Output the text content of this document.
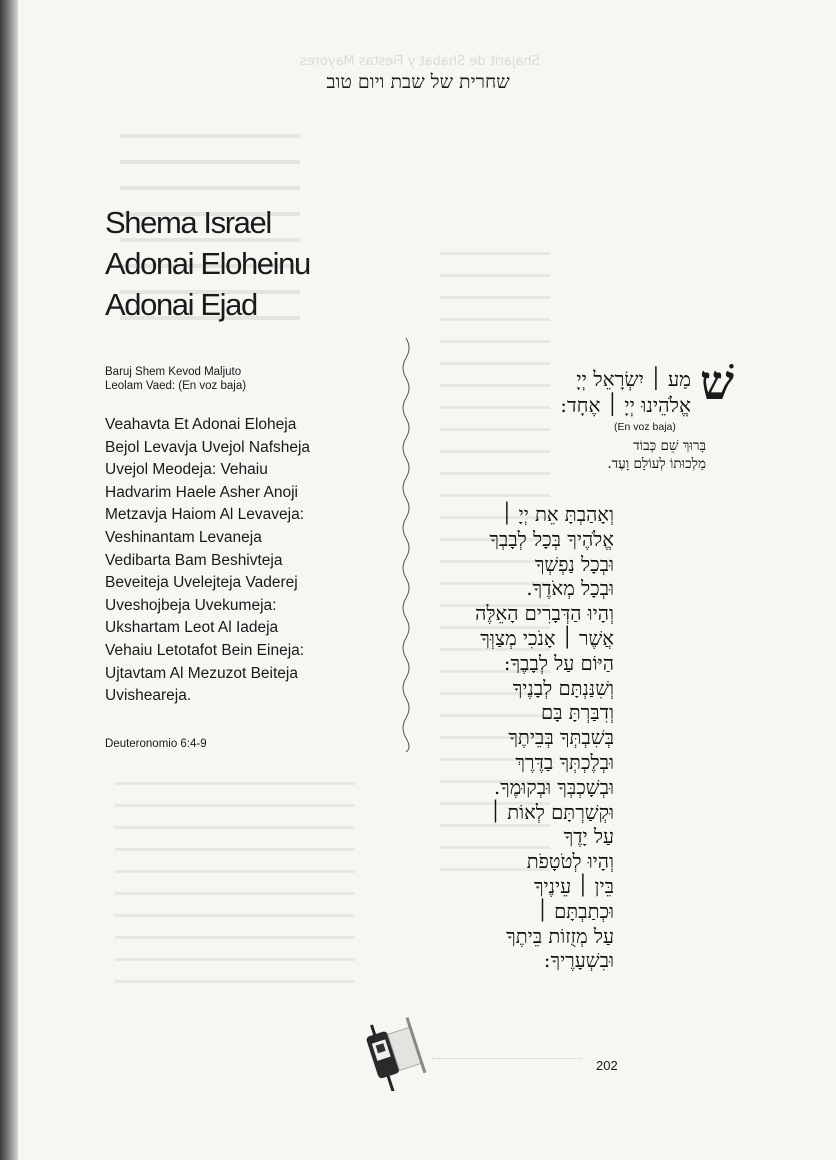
Shajarit de Shabat y Fiestas Mayores
שחרית של שבת ויום טוב
Shema Israel
Adonai Eloheinu
Adonai Ejad
Baruj Shem Kevod Maljuto
Leolam Vaed: (En voz baja)
Veahavta Et Adonai Eloheja
Bejol Levavja Uvejol Nafsheja
Uvejol Meodeja: Vehaiu
Hadvarim Haele Asher Anoji
Metzavja Haiom Al Levaveja:
Veshinantam Levaneja
Vedibarta Bam Beshivteja
Beveiteja Uvelejteja Vaderej
Uveshojbeja Uvekumeja:
Ukshartam Leot Al Iadeja
Vehaiu Letotafot Bein Eineja:
Ujtavtam Al Mezuzot Beiteja
Uvisheareja.
Deuteronomio 6:4-9
שׁ
מַע ׀ יִשְׂרָאֵל יְיָ
אֱלֹהֵינוּ יְיָ ׀ אֶחָד:
(En voz baja)
בָּרוּךְ שֵׁם כְּבוֹד
מַלְכוּתוֹ לְעוֹלָם וָעֶד.
וְאָהַבְתָּ אֵת יְיָ ׀
אֱלֹהֶיךָ בְּכָל לְבָבְךָ
וּבְכָל נַפְשְׁךָ
וּבְכָל מְאֹדֶךָ.
וְהָיוּ הַדְּבָרִים הָאֵלֶּה
אֲשֶׁר ׀ אָנֹכִי מְצַוְּךָ
הַיּוֹם עַל לְבָבֶךָ:
וְשִׁנַּנְתָּם לְבָנֶיךָ
וְדִבַּרְתָּ בָּם
בְּשִׁבְתְּךָ בְּבֵיתֶךָ
וּבְלֶכְתְּךָ בַדֶּרֶךְ
וּבְשָׁכְבְּךָ וּבְקוּמֶךָ.
וּקְשַׁרְתָּם לְאוֹת ׀
עַל יָדֶךָ
וְהָיוּ לְטֹטָפֹת
בֵּין ׀ עֵינֶיךָ
וּכְתַבְתָּם ׀
עַל מְזֻזוֹת בֵּיתֶךָ
וּבִשְׁעָרֶיךָ:
202
